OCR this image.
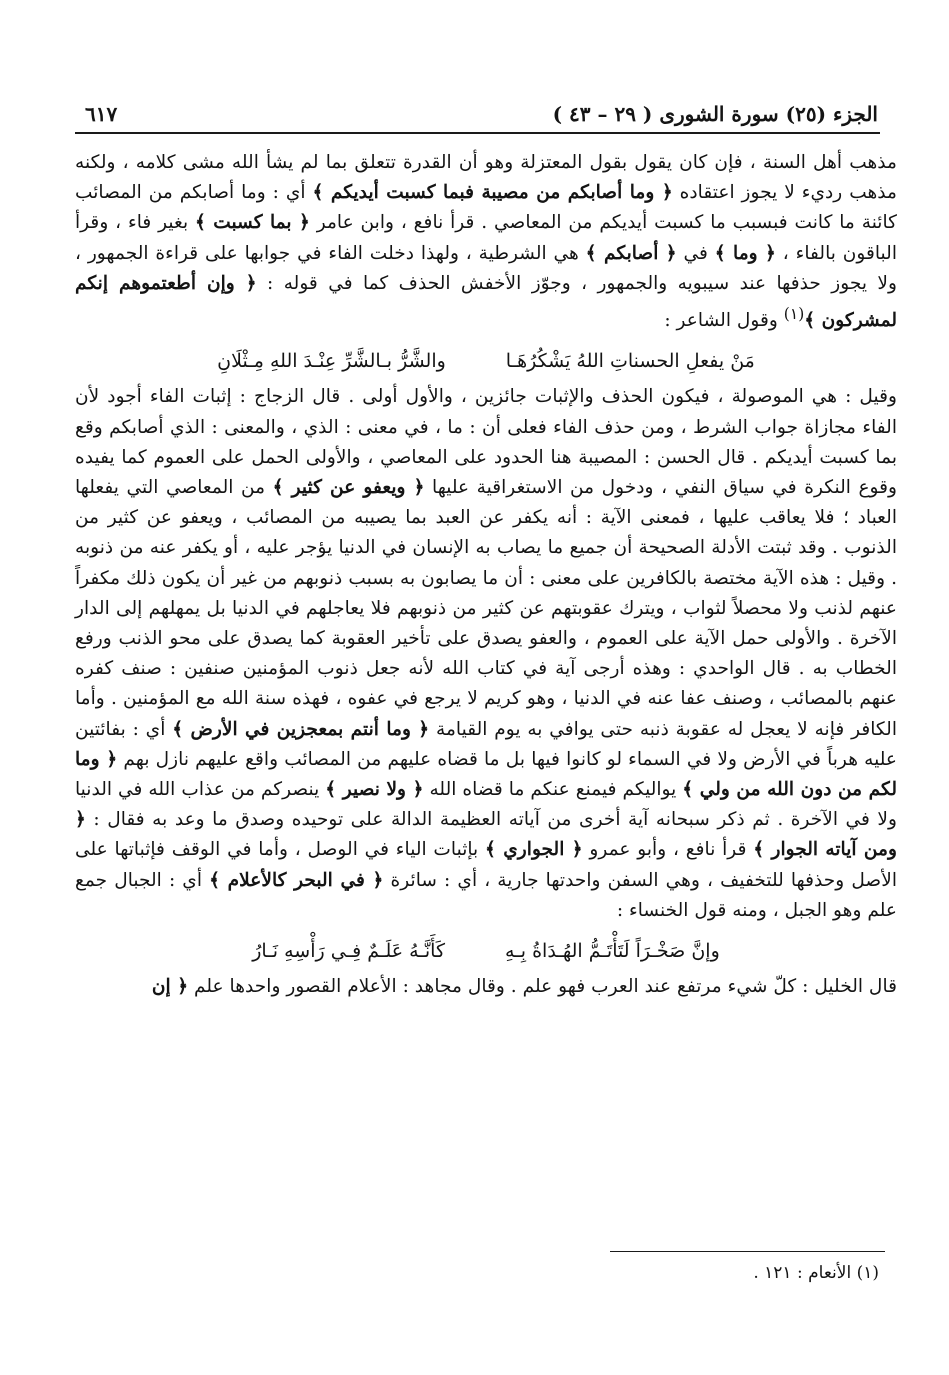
الجزء (٢٥) سورة الشورى ( ٢٩ – ٤٣ )
٦١٧

مذهب أهل السنة ، فإن كان يقول بقول المعتزلة وهو أن القدرة تتعلق بما لم يشأ الله مشى كلامه ، ولكنه مذهب رديء لا يجوز اعتقاده ﴿ وما أصابكم من مصيبة فبما كسبت أيديكم ﴾ أي : وما أصابكم من المصائب كائنة ما كانت فبسبب ما كسبت أيديكم من المعاصي . قرأ نافع ، وابن عامر ﴿ بما كسبت ﴾ بغير فاء ، وقرأ الباقون بالفاء ، ﴿ وما ﴾ في ﴿ أصابكم ﴾ هي الشرطية ، ولهذا دخلت الفاء في جوابها على قراءة الجمهور ، ولا يجوز حذفها عند سيبويه والجمهور ، وجوّز الأخفش الحذف كما في قوله : ﴿ وإن أطعتموهم إنكم لمشركون ﴾$^{(١)}$ وقول الشاعر :

مَنْ يفعلِ الحسناتِ اللهُ يَشْكُرُهَـا
والشَّرُّ بـالشَّرِّ عِنْـدَ اللهِ مِـثْلَانِ

وقيل : هي الموصولة ، فيكون الحذف والإثبات جائزين ، والأول أولى . قال الزجاج : إثبات الفاء أجود لأن الفاء مجازاة جواب الشرط ، ومن حذف الفاء فعلى أن : ما ، في معنى : الذي ، والمعنى : الذي أصابكم وقع بما كسبت أيديكم . قال الحسن : المصيبة هنا الحدود على المعاصي ، والأولى الحمل على العموم كما يفيده وقوع النكرة في سياق النفي ، ودخول من الاستغراقية عليها ﴿ ويعفو عن كثير ﴾ من المعاصي التي يفعلها العباد ؛ فلا يعاقب عليها ، فمعنى الآية : أنه يكفر عن العبد بما يصيبه من المصائب ، ويعفو عن كثير من الذنوب . وقد ثبتت الأدلة الصحيحة أن جميع ما يصاب به الإنسان في الدنيا يؤجر عليه ، أو يكفر عنه من ذنوبه . وقيل : هذه الآية مختصة بالكافرين على معنى : أن ما يصابون به بسبب ذنوبهم من غير أن يكون ذلك مكفراً عنهم لذنب ولا محصلاً لثواب ، ويترك عقوبتهم عن كثير من ذنوبهم فلا يعاجلهم في الدنيا بل يمهلهم إلى الدار الآخرة . والأولى حمل الآية على العموم ، والعفو يصدق على تأخير العقوبة كما يصدق على محو الذنب ورفع الخطاب به . قال الواحدي : وهذه أرجى آية في كتاب الله لأنه جعل ذنوب المؤمنين صنفين : صنف كفره عنهم بالمصائب ، وصنف عفا عنه في الدنيا ، وهو كريم لا يرجع في عفوه ، فهذه سنة الله مع المؤمنين . وأما الكافر فإنه لا يعجل له عقوبة ذنبه حتى يوافي به يوم القيامة ﴿ وما أنتم بمعجزين في الأرض ﴾ أي : بفائتين عليه هرباً في الأرض ولا في السماء لو كانوا فيها بل ما قضاه عليهم من المصائب واقع عليهم نازل بهم ﴿ وما لكم من دون الله من ولي ﴾ يواليكم فيمنع عنكم ما قضاه الله ﴿ ولا نصير ﴾ ينصركم من عذاب الله في الدنيا ولا في الآخرة . ثم ذكر سبحانه آية أخرى من آياته العظيمة الدالة على توحيده وصدق ما وعد به فقال : ﴿ ومن آياته الجوار ﴾ قرأ نافع ، وأبو عمرو ﴿ الجواري ﴾ بإثبات الياء في الوصل ، وأما في الوقف فإثباتها على الأصل وحذفها للتخفيف ، وهي السفن واحدتها جارية ، أي : سائرة ﴿ في البحر كالأعلام ﴾ أي : الجبال جمع علم وهو الجبل ، ومنه قول الخنساء :

وإنَّ صَخْـرَاً لَتَأْتَـمُّ الهُـدَاةُ بِـهِ
كَأَنَّـهُ عَلَـمٌ فِـي رَأْسِهِ نَـارُ

قال الخليل : كلّ شيء مرتفع عند العرب فهو علم . وقال مجاهد : الأعلام القصور واحدها علم ﴿ إن

(١) الأنعام : ١٢١ .
